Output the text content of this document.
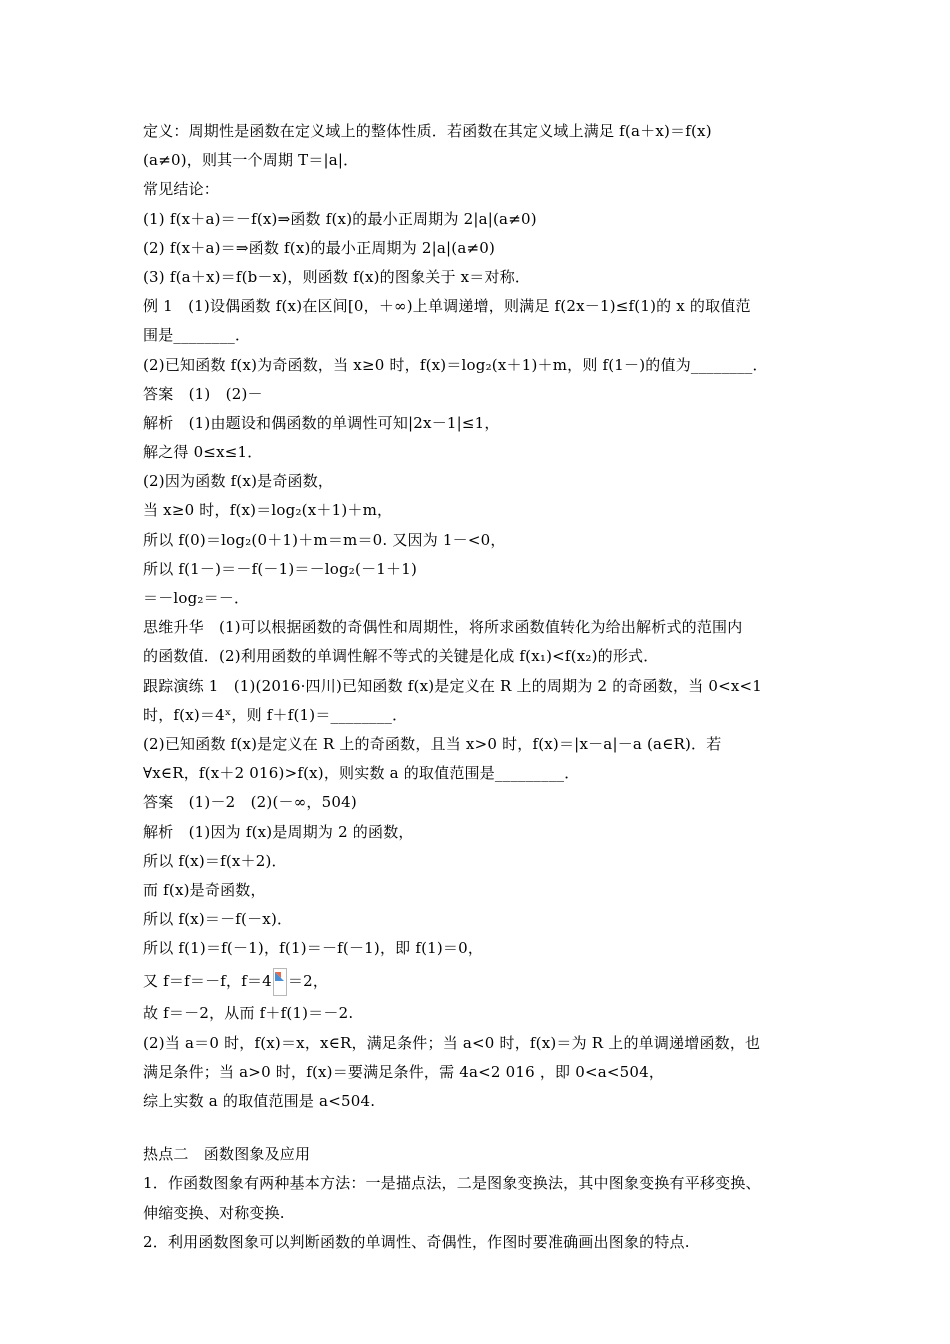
定义：周期性是函数在定义域上的整体性质．若函数在其定义域上满足 f(a＋x)＝f(x)
(a≠0)，则其一个周期 T＝|a|．
常见结论：
(1) f(x＋a)＝－f(x)⇒函数 f(x)的最小正周期为 2|a|(a≠0)
(2) f(x＋a)＝⇒函数 f(x)的最小正周期为 2|a|(a≠0)
(3) f(a＋x)＝f(b－x)，则函数 f(x)的图象关于 x＝对称．
例 1　(1)设偶函数 f(x)在区间[0，＋∞)上单调递增，则满足 f(2x－1)≤f(1)的 x 的取值范
围是________．
(2)已知函数 f(x)为奇函数，当 x≥0 时，f(x)＝log₂(x＋1)＋m，则 f(1－)的值为________．
答案　(1)　(2)－
解析　(1)由题设和偶函数的单调性可知|2x－1|≤1，
解之得 0≤x≤1．
(2)因为函数 f(x)是奇函数，
当 x≥0 时，f(x)＝log₂(x＋1)＋m，
所以 f(0)＝log₂(0＋1)＋m＝m＝0. 又因为 1－<0，
所以 f(1－)＝－f(－1)＝－log₂(－1＋1)
＝－log₂＝－．
思维升华　(1)可以根据函数的奇偶性和周期性，将所求函数值转化为给出解析式的范围内
的函数值．(2)利用函数的单调性解不等式的关键是化成 f(x₁)<f(x₂)的形式．
跟踪演练 1　(1)(2016·四川)已知函数 f(x)是定义在 R 上的周期为 2 的奇函数，当 0<x<1
时，f(x)＝4ˣ，则 f＋f(1)＝________．
(2)已知函数 f(x)是定义在 R 上的奇函数，且当 x>0 时，f(x)＝|x－a|－a (a∈R)．若
∀x∈R，f(x＋2 016)>f(x)，则实数 a 的取值范围是_________．
答案　(1)－2　(2)(－∞，504)
解析　(1)因为 f(x)是周期为 2 的函数，
所以 f(x)＝f(x＋2)．
而 f(x)是奇函数，
所以 f(x)＝－f(－x)．
所以 f(1)＝f(－1)，f(1)＝－f(－1)，即 f(1)＝0，
又 f＝f＝－f，f＝4 ＝2，
故 f＝－2，从而 f＋f(1)＝－2.
(2)当 a＝0 时，f(x)＝x，x∈R，满足条件；当 a<0 时，f(x)＝为 R 上的单调递增函数，也
满足条件；当 a>0 时，f(x)＝要满足条件，需 4a<2 016 ，即 0<a<504，
综上实数 a 的取值范围是 a<504.
热点二　函数图象及应用
1．作函数图象有两种基本方法：一是描点法，二是图象变换法，其中图象变换有平移变换、
伸缩变换、对称变换.
2．利用函数图象可以判断函数的单调性、奇偶性，作图时要准确画出图象的特点.
